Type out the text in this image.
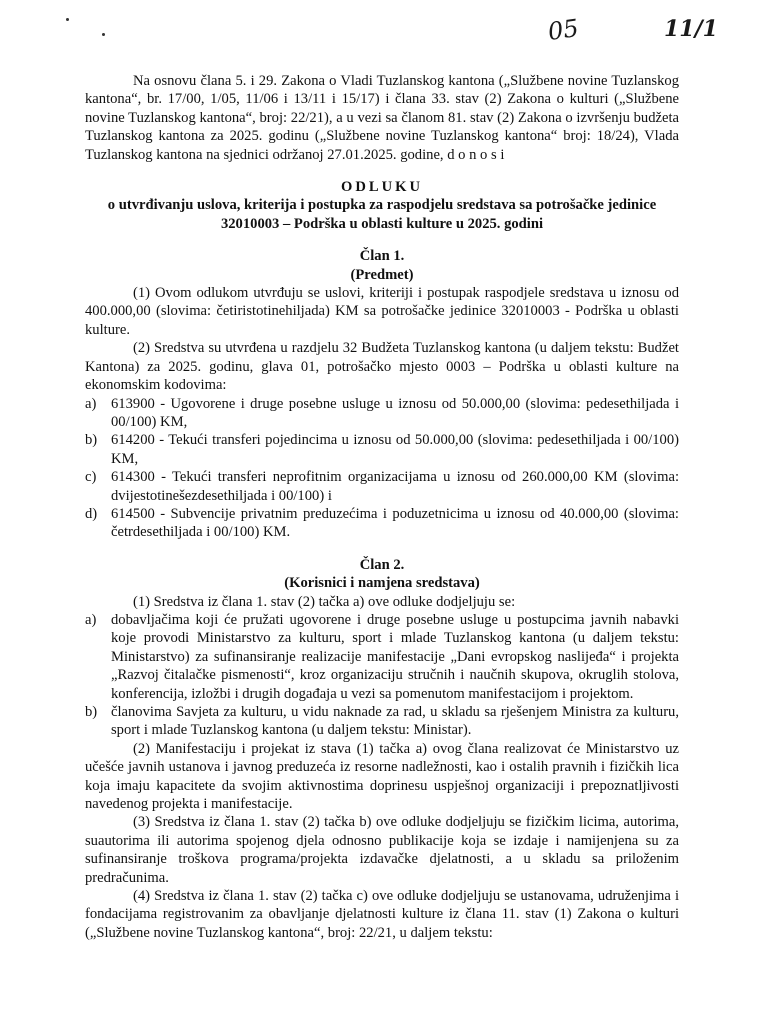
05	11/1

Na osnovu člana 5. i 29. Zakona o Vladi Tuzlanskog kantona („Službene novine Tuzlanskog kantona“, br. 17/00, 1/05, 11/06 i 13/11 i 15/17) i člana 33. stav (2) Zakona o kulturi („Službene novine Tuzlanskog kantona“, broj: 22/21), a u vezi sa članom 81. stav (2) Zakona o izvršenju budžeta Tuzlanskog kantona za 2025. godinu („Službene novine Tuzlanskog kantona“ broj: 18/24), Vlada Tuzlanskog kantona na sjednici održanoj 27.01.2025. godine, d o n o s i

ODLUKU

o utvrđivanju uslova, kriterija i postupka za raspodjelu sredstava sa potrošačke jedinice 32010003 – Podrška u oblasti kulture u 2025. godini

Član 1.

(Predmet)

(1) Ovom odlukom utvrđuju se uslovi, kriteriji i postupak raspodjele sredstava u iznosu od 400.000,00 (slovima: četiristotinehiljada) KM sa potrošačke jedinice 32010003 - Podrška u oblasti kulture.

(2) Sredstva su utvrđena u razdjelu 32 Budžeta Tuzlanskog kantona (u daljem tekstu: Budžet Kantona) za 2025. godinu, glava 01, potrošačko mjesto 0003 – Podrška u oblasti kulture na ekonomskim kodovima:

a) 613900 - Ugovorene i druge posebne usluge u iznosu od 50.000,00 (slovima: pedesethiljada i 00/100) KM,
b) 614200 - Tekući transferi pojedincima u iznosu od 50.000,00 (slovima: pedesethiljada i 00/100) KM,
c) 614300 - Tekući transferi neprofitnim organizacijama u iznosu od 260.000,00 KM (slovima: dvijestotinešezdesethiljada i 00/100) i
d) 614500 - Subvencije privatnim preduzećima i poduzetnicima u iznosu od 40.000,00 (slovima: četrdesethiljada i 00/100) KM.

Član 2.

(Korisnici i namjena sredstava)

(1) Sredstva iz člana 1. stav (2) tačka a) ove odluke dodjeljuju se:

a) dobavljačima koji će pružati ugovorene i druge posebne usluge u postupcima javnih nabavki koje provodi Ministarstvo za kulturu, sport i mlade Tuzlanskog kantona (u daljem tekstu: Ministarstvo) za sufinansiranje realizacije manifestacije „Dani evropskog naslijeđa“ i projekta „Razvoj čitalačke pismenosti“, kroz organizaciju stručnih i naučnih skupova, okruglih stolova, konferencija, izložbi i drugih događaja u vezi sa pomenutom manifestacijom i projektom.
b) članovima Savjeta za kulturu, u vidu naknade za rad, u skladu sa rješenjem Ministra za kulturu, sport i mlade Tuzlanskog kantona (u daljem tekstu: Ministar).

(2) Manifestaciju i projekat iz stava (1) tačka a) ovog člana realizovat će Ministarstvo uz učešće javnih ustanova i javnog preduzeća iz resorne nadležnosti, kao i ostalih pravnih i fizičkih lica koja imaju kapacitete da svojim aktivnostima doprinesu uspješnoj organizaciji i prepoznatljivosti navedenog projekta i manifestacije.

(3) Sredstva iz člana 1. stav (2) tačka b) ove odluke dodjeljuju se fizičkim licima, autorima, suautorima ili autorima spojenog djela odnosno publikacije koja se izdaje i namijenjena su za sufinansiranje troškova programa/projekta izdavačke djelatnosti, a u skladu sa priloženim predračunima.

(4) Sredstva iz člana 1. stav (2) tačka c) ove odluke dodjeljuju se ustanovama, udruženjima i fondacijama registrovanim za obavljanje djelatnosti kulture iz člana 11. stav (1) Zakona o kulturi („Službene novine Tuzlanskog kantona“, broj: 22/21, u daljem tekstu:
